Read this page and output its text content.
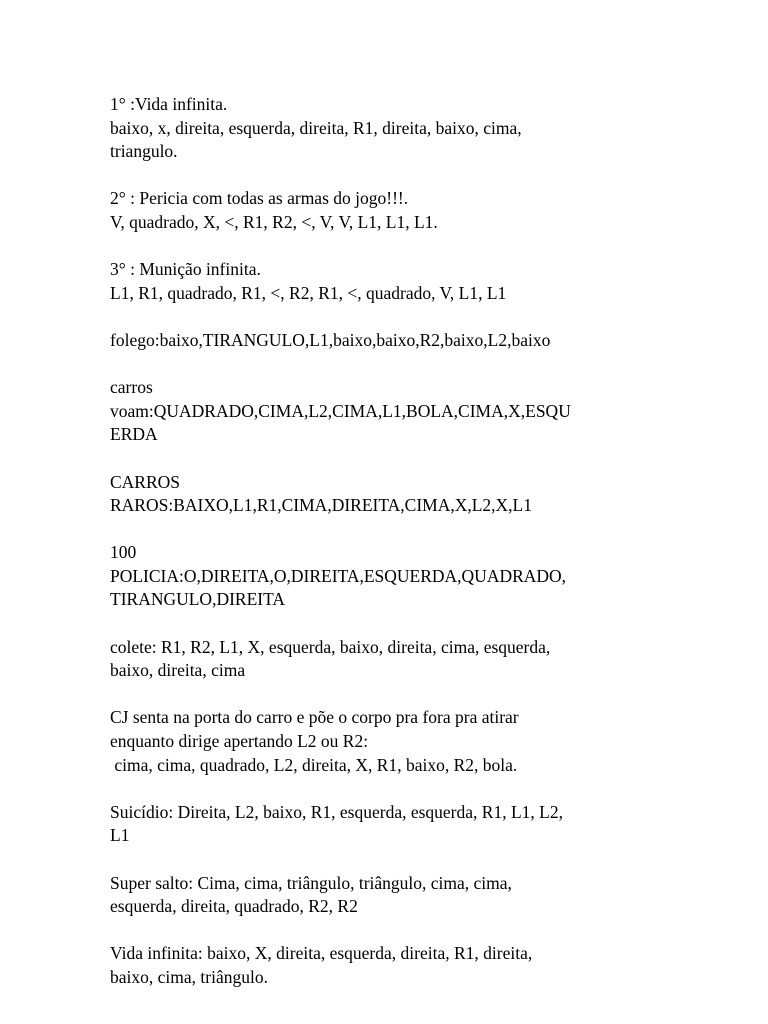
1° :Vida infinita.
baixo, x, direita, esquerda, direita, R1, direita, baixo, cima,
triangulo.
2° : Pericia com todas as armas do jogo!!!.
V, quadrado, X, <, R1, R2, <, V, V, L1, L1, L1.
3° : Munição infinita.
L1, R1, quadrado, R1, <, R2, R1, <, quadrado, V, L1, L1
folego:baixo,TIRANGULO,L1,baixo,baixo,R2,baixo,L2,baixo
carros
voam:QUADRADO,CIMA,L2,CIMA,L1,BOLA,CIMA,X,ESQU
ERDA
CARROS
RAROS:BAIXO,L1,R1,CIMA,DIREITA,CIMA,X,L2,X,L1
100
POLICIA:O,DIREITA,O,DIREITA,ESQUERDA,QUADRADO,
TIRANGULO,DIREITA
colete: R1, R2, L1, X, esquerda, baixo, direita, cima, esquerda,
baixo, direita, cima
CJ senta na porta do carro e põe o corpo pra fora pra atirar
enquanto dirige apertando L2 ou R2:
cima, cima, quadrado, L2, direita, X, R1, baixo, R2, bola.
Suicídio: Direita, L2, baixo, R1, esquerda, esquerda, R1, L1, L2,
L1
Super salto: Cima, cima, triângulo, triângulo, cima, cima,
esquerda, direita, quadrado, R2, R2
Vida infinita: baixo, X, direita, esquerda, direita, R1, direita,
baixo, cima, triângulo.
